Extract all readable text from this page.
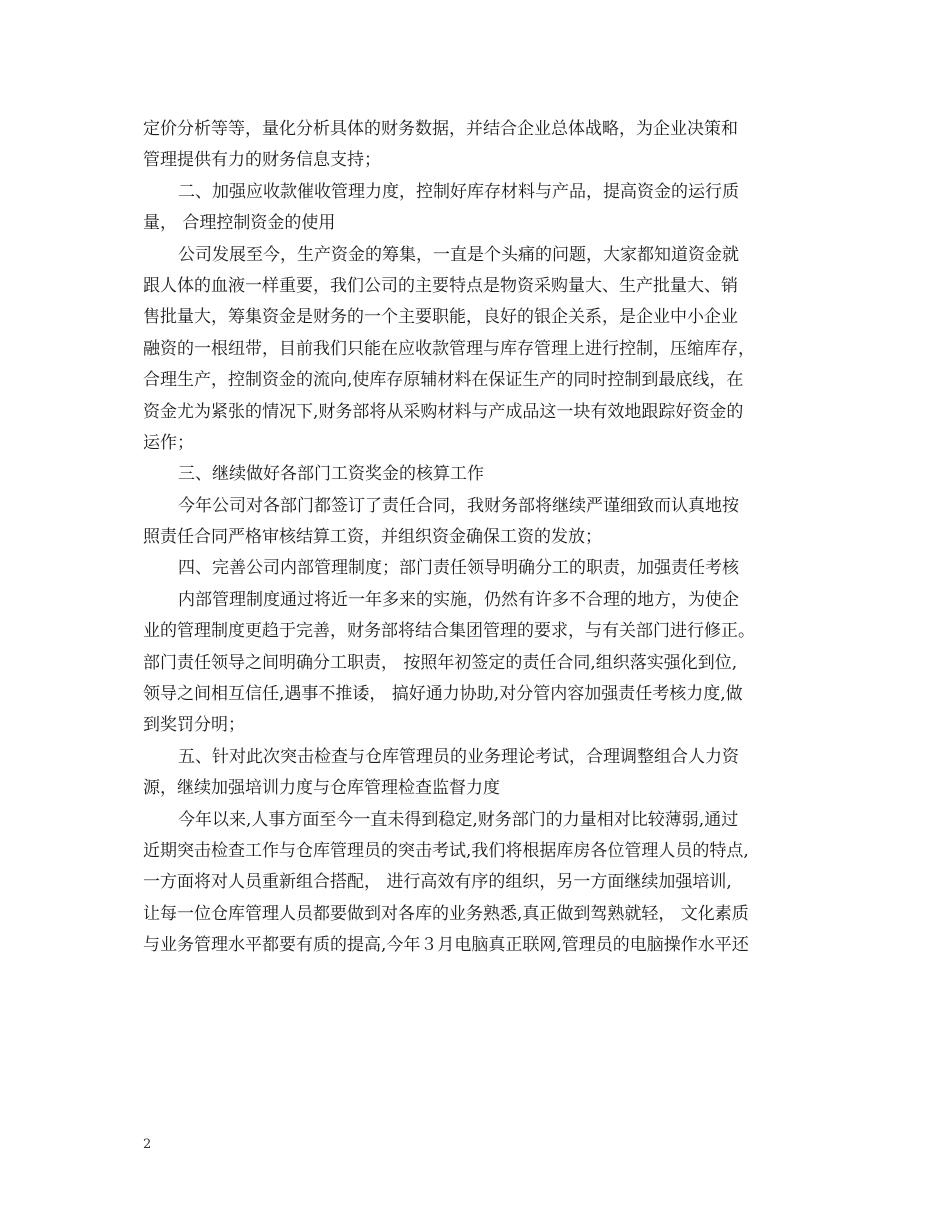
定价分析等等，量化分析具体的财务数据，并结合企业总体战略，为企业决策和
管理提供有力的财务信息支持；
二、加强应收款催收管理力度，控制好库存材料与产品，提高资金的运行质
量， 合理控制资金的使用
公司发展至今，生产资金的筹集，一直是个头痛的问题，大家都知道资金就
跟人体的血液一样重要，我们公司的主要特点是物资采购量大、生产批量大、销
售批量大，筹集资金是财务的一个主要职能，良好的银企关系，是企业中小企业
融资的一根纽带，目前我们只能在应收款管理与库存管理上进行控制，压缩库存，
合理生产，控制资金的流向,使库存原辅材料在保证生产的同时控制到最底线，在
资金尤为紧张的情况下,财务部将从采购材料与产成品这一块有效地跟踪好资金的
运作；
三、继续做好各部门工资奖金的核算工作
今年公司对各部门都签订了责任合同，我财务部将继续严谨细致而认真地按
照责任合同严格审核结算工资，并组织资金确保工资的发放；
四、完善公司内部管理制度；部门责任领导明确分工的职责，加强责任考核
内部管理制度通过将近一年多来的实施，仍然有许多不合理的地方，为使企
业的管理制度更趋于完善，财务部将结合集团管理的要求，与有关部门进行修正。
部门责任领导之间明确分工职责， 按照年初签定的责任合同,组织落实强化到位,
领导之间相互信任,遇事不推诿， 搞好通力协助,对分管内容加强责任考核力度,做
到奖罚分明；
五、针对此次突击检查与仓库管理员的业务理论考试，合理调整组合人力资
源，继续加强培训力度与仓库管理检查监督力度
今年以来,人事方面至今一直未得到稳定,财务部门的力量相对比较薄弱,通过
近期突击检查工作与仓库管理员的突击考试,我们将根据库房各位管理人员的特点,
一方面将对人员重新组合搭配， 进行高效有序的组织，另一方面继续加强培训,
让每一位仓库管理人员都要做到对各库的业务熟悉,真正做到驾熟就轻， 文化素质
与业务管理水平都要有质的提高,今年３月电脑真正联网,管理员的电脑操作水平还
2
